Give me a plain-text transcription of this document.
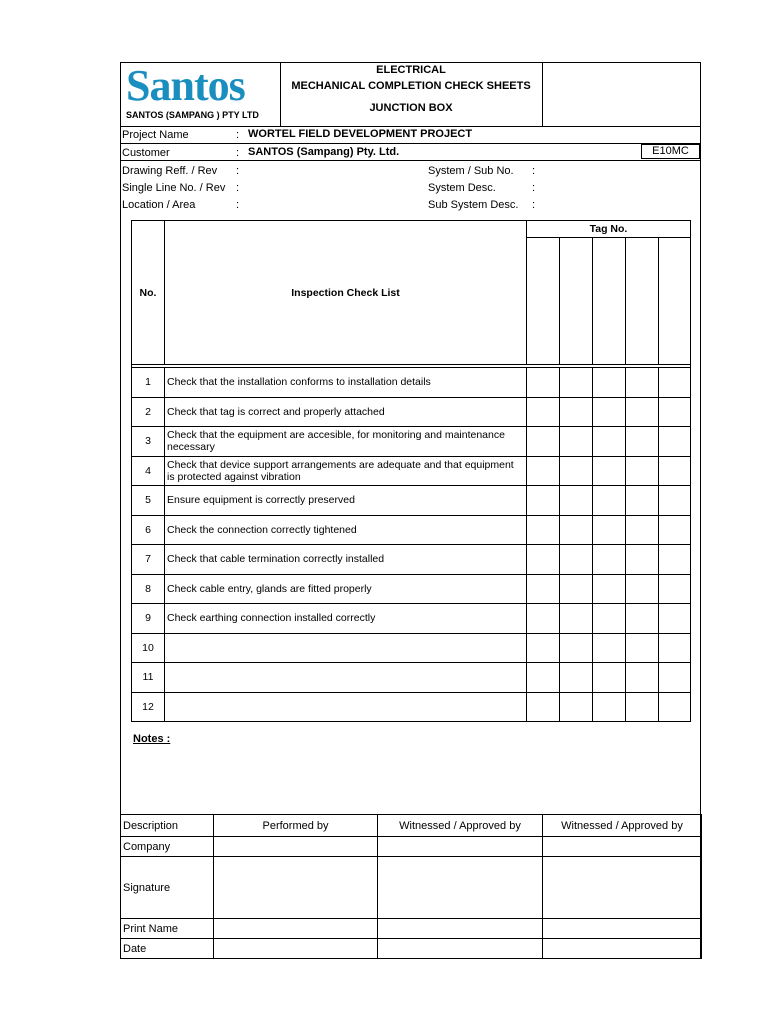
Santos
SANTOS (SAMPANG ) PTY LTD
ELECTRICAL
MECHANICAL COMPLETION CHECK SHEETS
JUNCTION BOX
Project Name	: WORTEL FIELD DEVELOPMENT PROJECT
Customer	: SANTOS (Sampang) Pty. Ltd.	E10MC
Drawing Reff. / Rev :
Single Line No. / Rev :
Location / Area	:
System / Sub No. :
System Desc.	:
Sub System Desc. :
No.	Inspection Check List	Tag No.				

1	Check that the installation conforms to installation details					
2	Check that tag is correct and properly attached					
3	Check that the equipment are accesible, for monitoring and maintenance necessary					
4	Check that device support arrangements are adequate and that equipment is protected against vibration					
5	Ensure equipment is correctly preserved					
6	Check the connection correctly tightened					
7	Check that cable termination correctly installed					
8	Check cable entry, glands are fitted properly					
9	Check earthing connection installed correctly					
10						
11						
12						
Notes :
Description	Performed by	Witnessed / Approved by	Witnessed / Approved by
Company			
Signature			
Print Name			
Date			
